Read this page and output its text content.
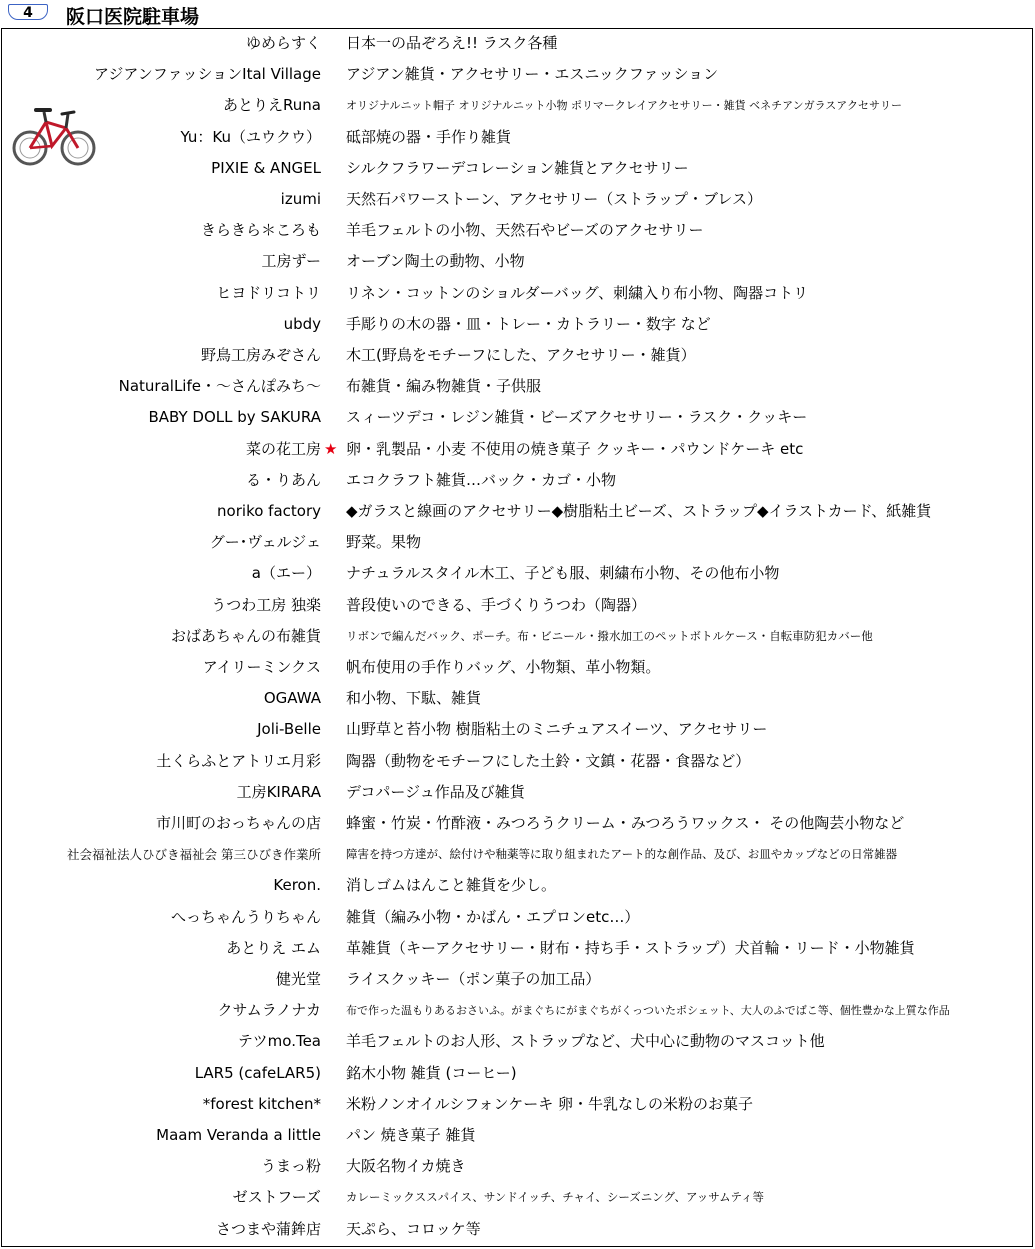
4	阪口医院駐車場
ゆめらすく 日本一の品ぞろえ!! ラスク各種
アジアンファッションItal Village アジアン雑貨・アクセサリー・エスニックファッション
あとりえRuna オリジナルニット帽子 オリジナルニット小物 ポリマークレイアクセサリー・雑貨 ベネチアンガラスアクセサリー
Yu：Ku（ユウクウ） 砥部焼の器・手作り雑貨
PIXIE & ANGEL シルクフラワーデコレーション雑貨とアクセサリー
izumi 天然石パワーストーン、アクセサリー（ストラップ・ブレス）
きらきら＊ころも 羊毛フェルトの小物、天然石やビーズのアクセサリー
工房ずー オーブン陶土の動物、小物
ヒヨドリコトリ リネン・コットンのショルダーバッグ、刺繍入り布小物、陶器コトリ
ubdy 手彫りの木の器・皿・トレー・カトラリー・数字 など
野鳥工房みぞさん 木工(野鳥をモチーフにした、アクセサリー・雑貨）
NaturalLife・～さんぽみち～ 布雑貨・編み物雑貨・子供服
BABY DOLL by SAKURA スィーツデコ・レジン雑貨・ビーズアクセサリー・ラスク・クッキー
菜の花工房 ★ 卵・乳製品・小麦 不使用の焼き菓子 クッキー・パウンドケーキ etc
る・りあん エコクラフト雑貨…バック・カゴ・小物
noriko factory ◆ガラスと線画のアクセサリー◆樹脂粘土ビーズ、ストラップ◆イラストカード、紙雑貨
グー･ヴェルジェ 野菜。果物
a（エー） ナチュラルスタイル木工、子ども服、刺繍布小物、その他布小物
うつわ工房 独楽 普段使いのできる、手づくりうつわ（陶器）
おばあちゃんの布雑貨 リボンで編んだバック、ポーチ。布・ビニール・撥水加工のペットボトルケース・自転車防犯カバー他
アイリーミンクス 帆布使用の手作りバッグ、小物類、革小物類。
OGAWA 和小物、下駄、雑貨
Joli-Belle 山野草と苔小物 樹脂粘土のミニチュアスイーツ、アクセサリー
土くらふとアトリエ月彩 陶器（動物をモチーフにした土鈴・文鎮・花器・食器など）
工房KIRARA デコパージュ作品及び雑貨
市川町のおっちゃんの店 蜂蜜・竹炭・竹酢液・みつろうクリーム・みつろうワックス・ その他陶芸小物など
社会福祉法人ひびき福祉会 第三ひびき作業所 障害を持つ方達が、絵付けや釉薬等に取り組まれたアート的な創作品、及び、お皿やカップなどの日常雑器
Keron. 消しゴムはんこと雑貨を少し。
へっちゃんうりちゃん 雑貨（編み小物・かばん・エプロンetc…）
あとりえ エム 革雑貨（キーアクセサリー・財布・持ち手・ストラップ）犬首輪・リード・小物雑貨
健光堂 ライスクッキー（ポン菓子の加工品）
クサムラノナカ 布で作った温もりあるおさいふ。がまぐちにがまぐちがくっついたポシェット、大人のふでばこ等、個性豊かな上質な作品
テツmo.Tea 羊毛フェルトのお人形、ストラップなど、犬中心に動物のマスコット他
LAR5 (cafeLAR5) 銘木小物 雑貨 (コーヒー)
*forest kitchen* 米粉ノンオイルシフォンケーキ 卵・牛乳なしの米粉のお菓子
Maam Veranda a little パン 焼き菓子 雑貨
うまっ粉 大阪名物イカ焼き
ゼストフーズ カレーミックススパイス、サンドイッチ、チャイ、シーズニング、アッサムティ等
さつまや蒲鉾店 天ぷら、コロッケ等
